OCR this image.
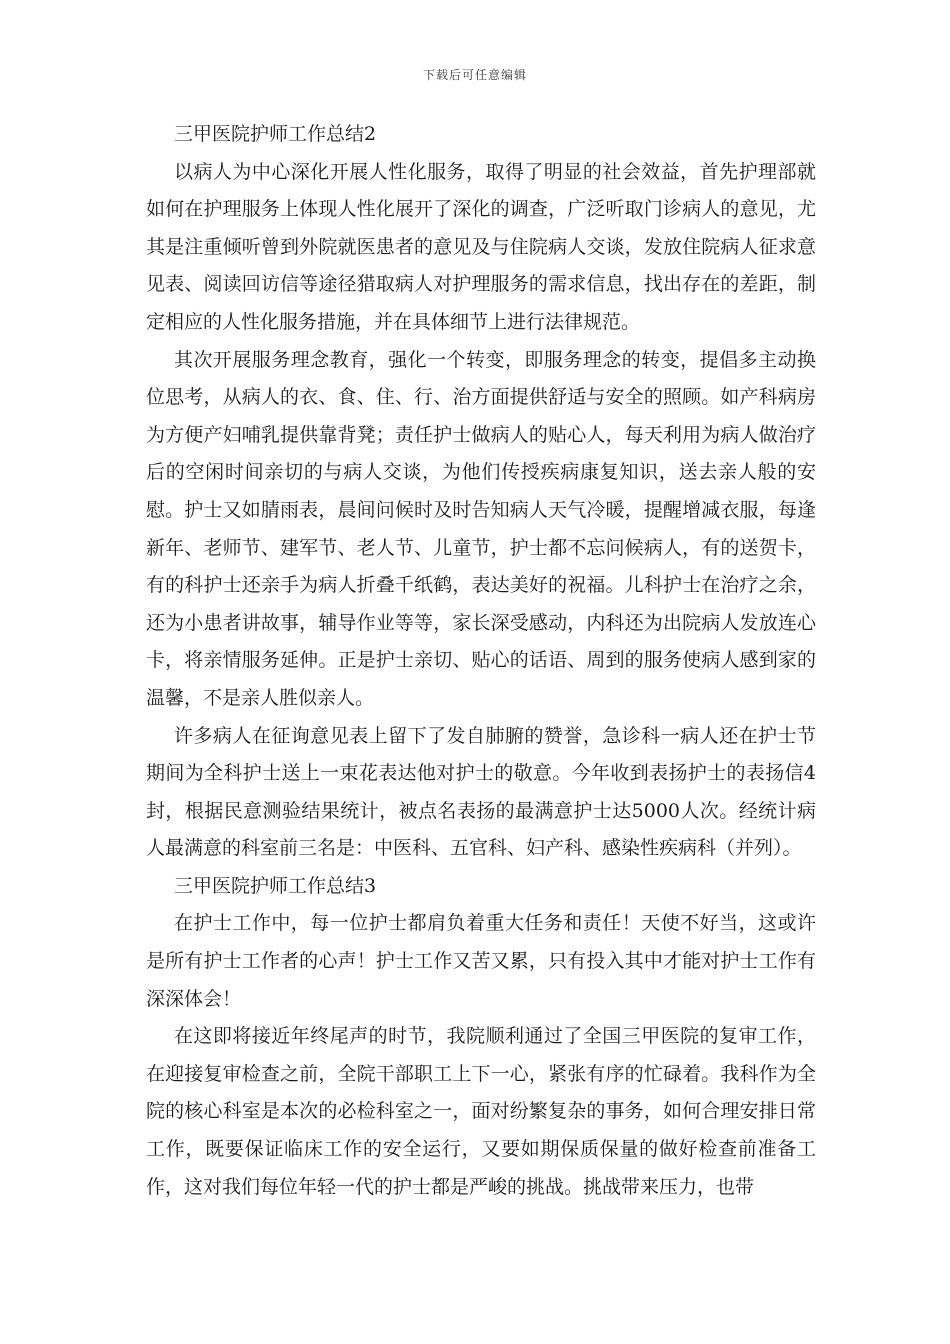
下载后可任意编辑

三甲医院护师工作总结2

以病人为中心深化开展人性化服务，取得了明显的社会效益，首先护理部就如何在护理服务上体现人性化展开了深化的调查，广泛听取门诊病人的意见，尤其是注重倾听曾到外院就医患者的意见及与住院病人交谈，发放住院病人征求意见表、阅读回访信等途径猎取病人对护理服务的需求信息，找出存在的差距，制定相应的人性化服务措施，并在具体细节上进行法律规范。

其次开展服务理念教育，强化一个转变，即服务理念的转变，提倡多主动换位思考，从病人的衣、食、住、行、治方面提供舒适与安全的照顾。如产科病房为方便产妇哺乳提供靠背凳；责任护士做病人的贴心人，每天利用为病人做治疗后的空闲时间亲切的与病人交谈，为他们传授疾病康复知识，送去亲人般的安慰。护士又如腈雨表，晨间问候时及时告知病人天气冷暖，提醒增减衣服，每逢新年、老师节、建军节、老人节、儿童节，护士都不忘问候病人，有的送贺卡，有的科护士还亲手为病人折叠千纸鹤，表达美好的祝福。儿科护士在治疗之余，还为小患者讲故事，辅导作业等等，家长深受感动，内科还为出院病人发放连心卡，将亲情服务延伸。正是护士亲切、贴心的话语、周到的服务使病人感到家的温馨，不是亲人胜似亲人。

许多病人在征询意见表上留下了发自肺腑的赞誉，急诊科一病人还在护士节期间为全科护士送上一束花表达他对护士的敬意。今年收到表扬护士的表扬信4封，根据民意测验结果统计，被点名表扬的最满意护士达5000人次。经统计病人最满意的科室前三名是：中医科、五官科、妇产科、感染性疾病科（并列）。

三甲医院护师工作总结3

在护士工作中，每一位护士都肩负着重大任务和责任！天使不好当，这或许是所有护士工作者的心声！护士工作又苦又累，只有投入其中才能对护士工作有深深体会！

在这即将接近年终尾声的时节，我院顺利通过了全国三甲医院的复审工作，在迎接复审检查之前，全院干部职工上下一心，紧张有序的忙碌着。我科作为全院的核心科室是本次的必检科室之一，面对纷繁复杂的事务，如何合理安排日常工作，既要保证临床工作的安全运行，又要如期保质保量的做好检查前准备工作，这对我们每位年轻一代的护士都是严峻的挑战。挑战带来压力，也带
